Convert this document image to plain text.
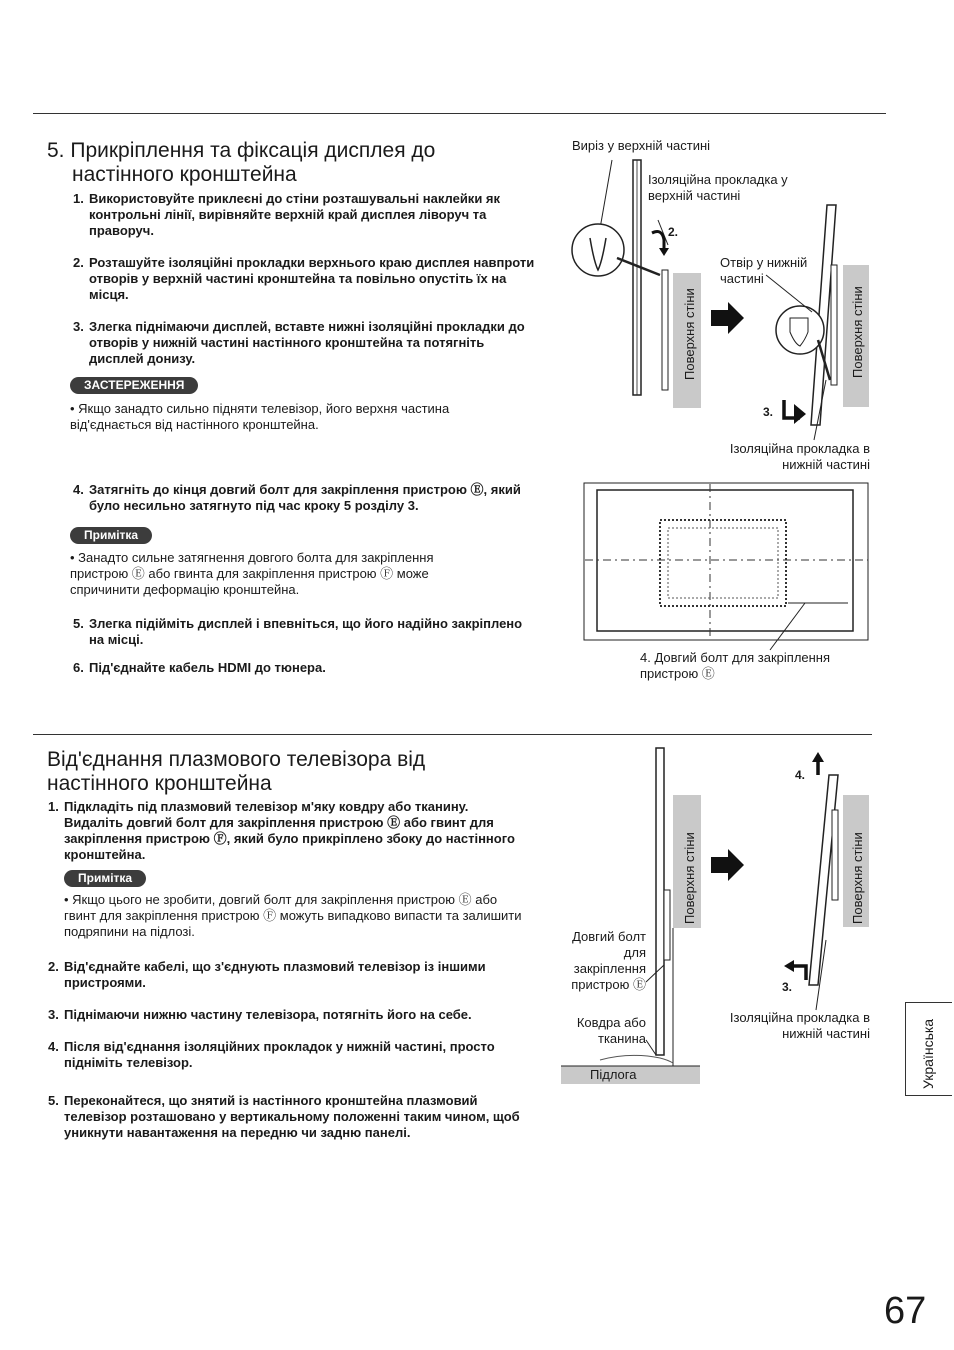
5. Прикріплення та фіксація дисплея до
настінного кронштейна
1. Використовуйте приклеєні до стіни розташувальні наклейки як контрольні лінії, вирівняйте верхній край дисплея ліворуч та праворуч.
2. Розташуйте ізоляційні прокладки верхнього краю дисплея навпроти отворів у верхній частині кронштейна та повільно опустіть їх на місця.
3. Злегка піднімаючи дисплей, вставте нижні ізоляційні прокладки до отворів у нижній частині настінного кронштейна та потягніть дисплей донизу.
ЗАСТЕРЕЖЕННЯ
• Якщо занадто сильно підняти телевізор, його верхня частина від'єднається від настінного кронштейна.
4. Затягніть до кінця довгий болт для закріплення пристрою Ⓔ, який було несильно затягнуто під час кроку 5 розділу 3.
Примітка
• Занадто сильне затягнення довгого болта для закріплення пристрою Ⓔ або гвинта для закріплення пристрою Ⓕ може спричинити деформацію кронштейна.
5. Злегка підійміть дисплей і впевніться, що його надійно закріплено на місці.
6. Під'єднайте кабель HDMI до тюнера.
Виріз у верхній частині
Ізоляційна прокладка у верхній частині
2.
Отвір у нижній частині
3.
Ізоляційна прокладка в нижній частині
Поверхня стіни	Поверхня стіни
4. Довгий болт для закріплення пристрою Ⓔ
Від'єднання плазмового телевізора від
настінного кронштейна
1. Підкладіть під плазмовий телевізор м'яку ковдру або тканину. Видаліть довгий болт для закріплення пристрою Ⓔ або гвинт для закріплення пристрою Ⓕ, який було прикріплено збоку до настінного кронштейна.
Примітка
• Якщо цього не зробити, довгий болт для закріплення пристрою Ⓔ або гвинт для закріплення пристрою Ⓕ можуть випадково випасти та залишити подряпини на підлозі.
2. Від'єднайте кабелі, що з'єднують плазмовий телевізор із іншими пристроями.
3. Піднімаючи нижню частину телевізора, потягніть його на себе.
4. Після від'єднання ізоляційних прокладок у нижній частині, просто підніміть телевізор.
5. Переконайтеся, що знятий із настінного кронштейна плазмовий телевізор розташовано у вертикальному положенні таким чином, щоб уникнути навантаження на передню чи задню панелі.
Поверхня стіни	Поверхня стіни
Підлога
4.
3.
Довгий болт для закріплення пристрою Ⓔ
Ковдра або тканина
Ізоляційна прокладка в нижній частині	Українська
67
